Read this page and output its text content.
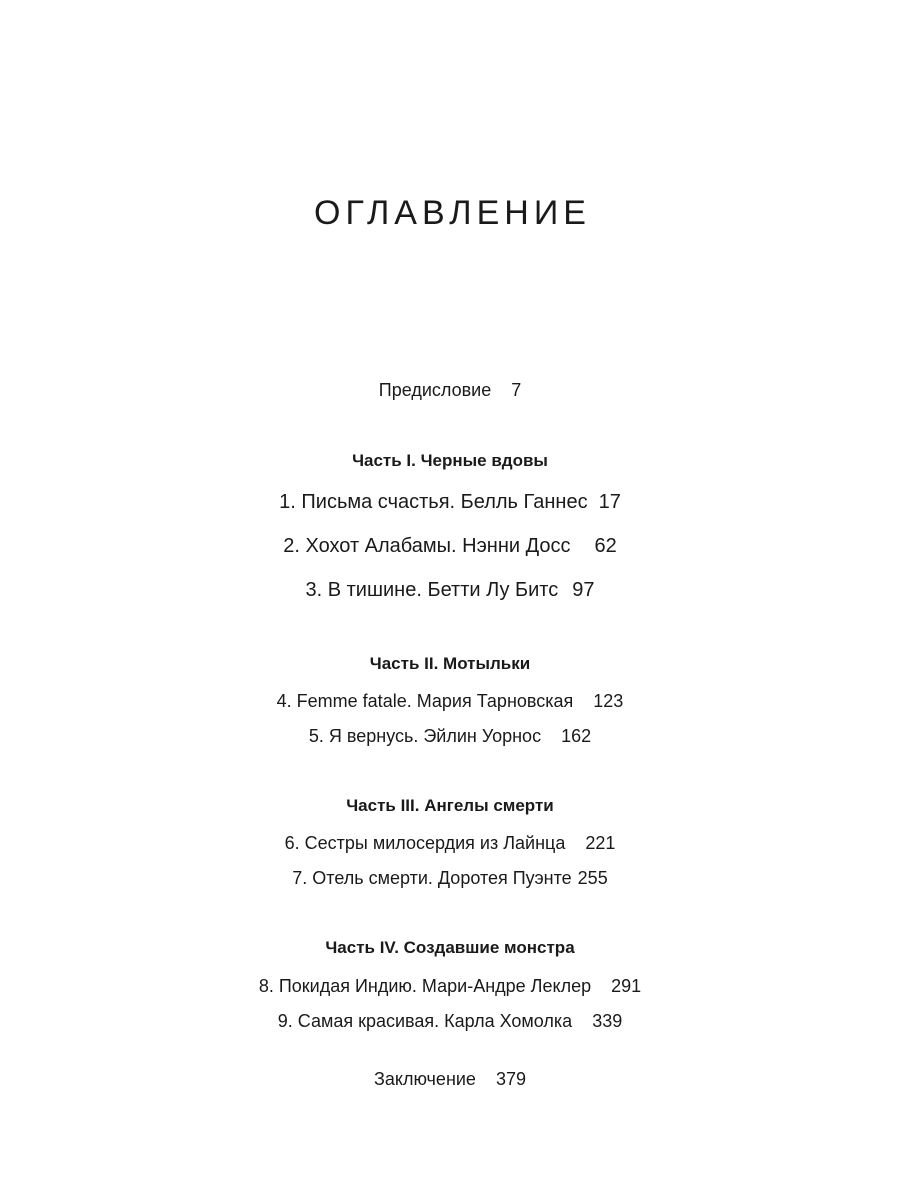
ОГЛАВЛЕНИЕ
Предисловие 7
Часть I. Черные вдовы
1. Письма счастья. Белль Ганнес 17
2. Хохот Алабамы. Нэнни Досс 62
3. В тишине. Бетти Лу Битс 97
Часть II. Мотыльки
4. Femme fatale. Мария Тарновская 123
5. Я вернусь. Эйлин Уорнос 162
Часть III. Ангелы смерти
6. Сестры милосердия из Лайнца 221
7. Отель смерти. Доротея Пуэнте 255
Часть IV. Создавшие монстра
8. Покидая Индию. Мари-Андре Леклер 291
9. Самая красивая. Карла Хомолка 339
Заключение 379
